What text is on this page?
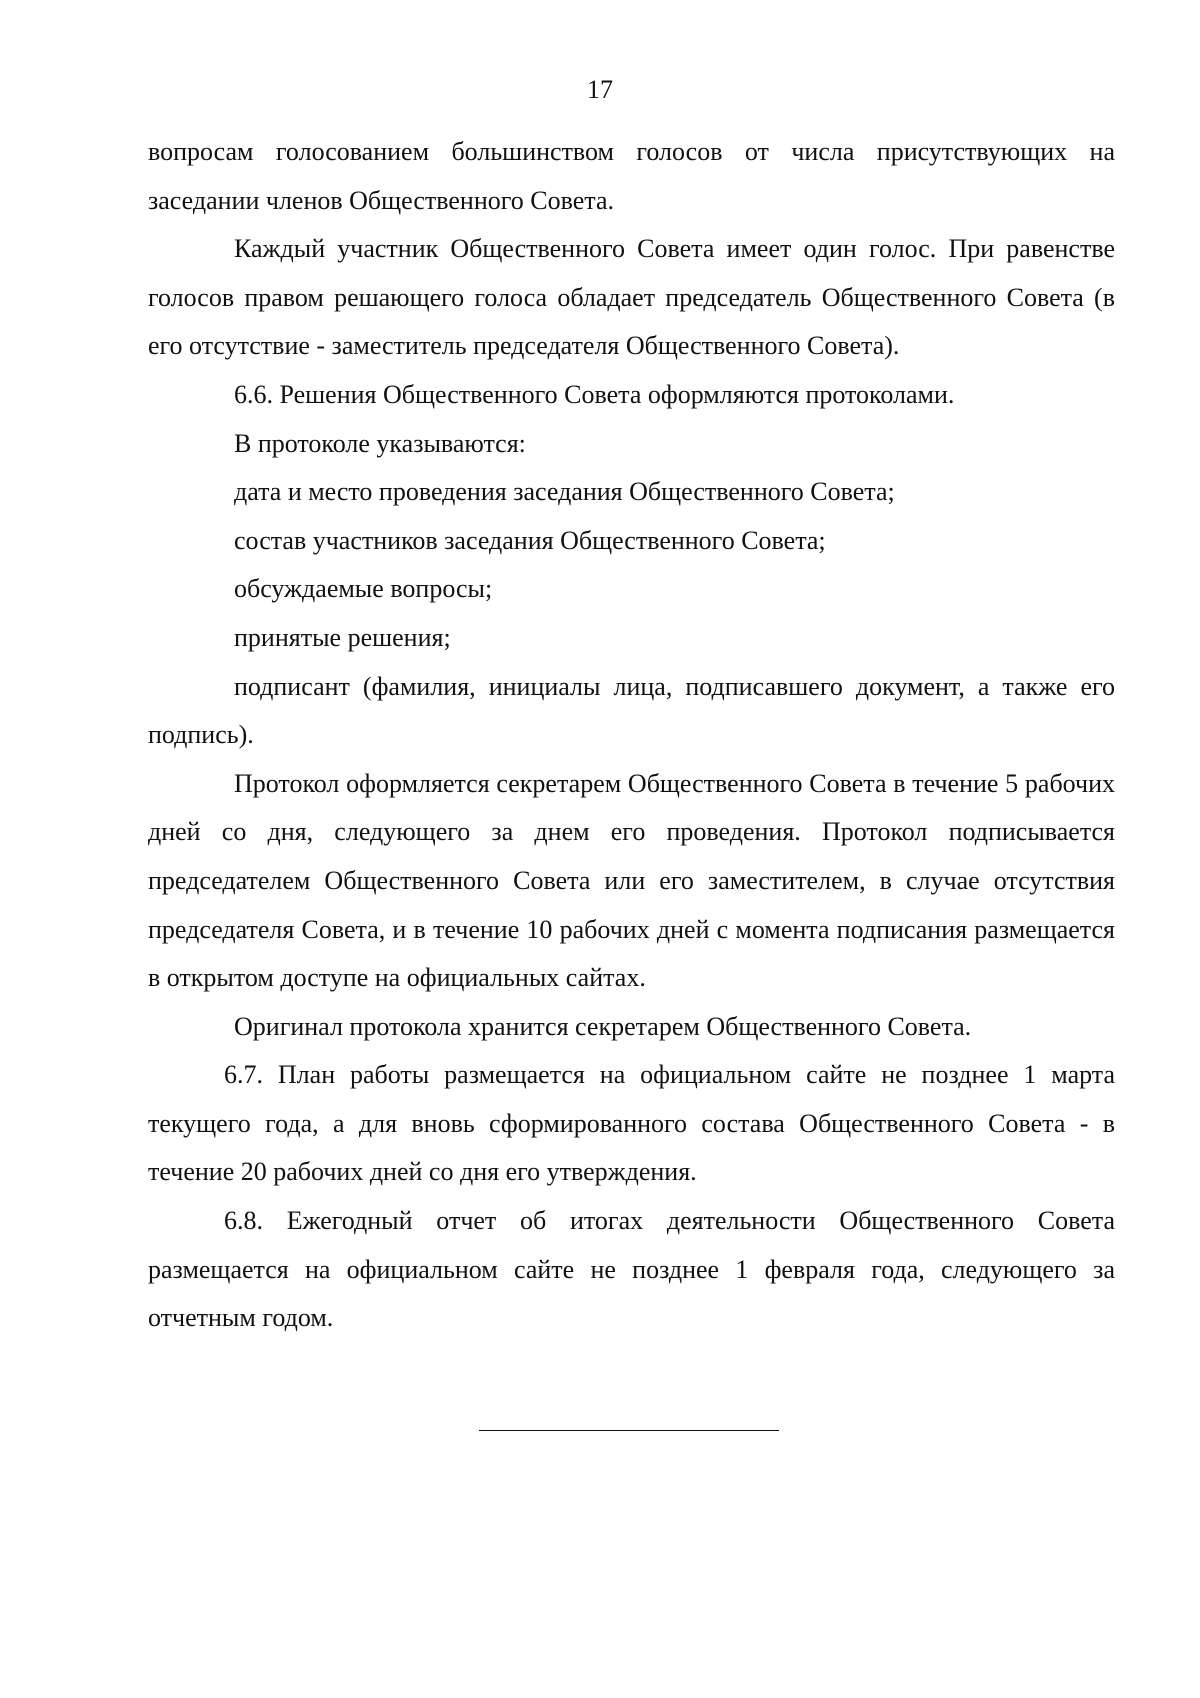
17

вопросам голосованием большинством голосов от числа присутствующих на заседании членов Общественного Совета.

Каждый участник Общественного Совета имеет один голос. При равенстве голосов правом решающего голоса обладает председатель Общественного Совета (в его отсутствие - заместитель председателя Общественного Совета).

6.6. Решения Общественного Совета оформляются протоколами.

В протоколе указываются:

дата и место проведения заседания Общественного Совета;

состав участников заседания Общественного Совета;

обсуждаемые вопросы;

принятые решения;

подписант (фамилия, инициалы лица, подписавшего документ, а также его подпись).

Протокол оформляется секретарем Общественного Совета в течение 5 рабочих дней со дня, следующего за днем его проведения. Протокол подписывается председателем Общественного Совета или его заместителем, в случае отсутствия председателя Совета, и в течение 10 рабочих дней с момента подписания размещается в открытом доступе на официальных сайтах.

Оригинал протокола хранится секретарем Общественного Совета.

6.7. План работы размещается на официальном сайте не позднее 1 марта текущего года, а для вновь сформированного состава Общественного Совета - в течение 20 рабочих дней со дня его утверждения.

6.8. Ежегодный отчет об итогах деятельности Общественного Совета размещается на официальном сайте не позднее 1 февраля года, следующего за отчетным годом.
